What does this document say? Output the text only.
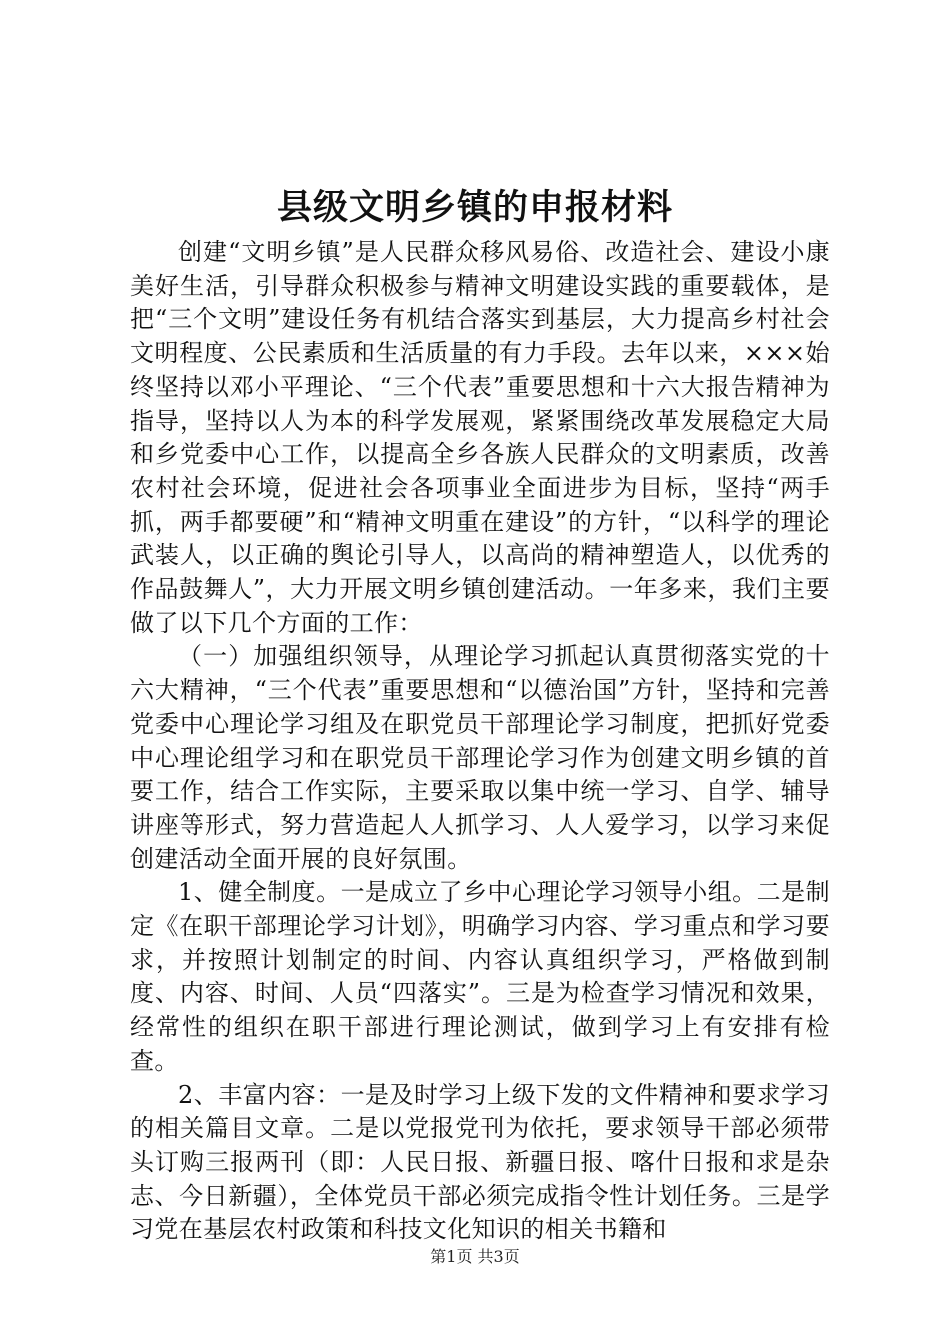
县级文明乡镇的申报材料

创建“文明乡镇”是人民群众移风易俗、改造社会、建设小康美好生活，引导群众积极参与精神文明建设实践的重要载体，是把“三个文明”建设任务有机结合落实到基层，大力提高乡村社会文明程度、公民素质和生活质量的有力手段。去年以来，×××始终坚持以邓小平理论、“三个代表”重要思想和十六大报告精神为指导，坚持以人为本的科学发展观，紧紧围绕改革发展稳定大局和乡党委中心工作，以提高全乡各族人民群众的文明素质，改善农村社会环境，促进社会各项事业全面进步为目标，坚持“两手抓，两手都要硬”和“精神文明重在建设”的方针，“以科学的理论武装人，以正确的舆论引导人，以高尚的精神塑造人，以优秀的作品鼓舞人”，大力开展文明乡镇创建活动。一年多来，我们主要做了以下几个方面的工作：

（一）加强组织领导，从理论学习抓起认真贯彻落实党的十六大精神，“三个代表”重要思想和“以德治国”方针，坚持和完善党委中心理论学习组及在职党员干部理论学习制度，把抓好党委中心理论组学习和在职党员干部理论学习作为创建文明乡镇的首要工作，结合工作实际，主要采取以集中统一学习、自学、辅导讲座等形式，努力营造起人人抓学习、人人爱学习，以学习来促创建活动全面开展的良好氛围。

1、健全制度。一是成立了乡中心理论学习领导小组。二是制定《在职干部理论学习计划》，明确学习内容、学习重点和学习要求，并按照计划制定的时间、内容认真组织学习，严格做到制度、内容、时间、人员“四落实”。三是为检查学习情况和效果，经常性的组织在职干部进行理论测试，做到学习上有安排有检查。

2、丰富内容：一是及时学习上级下发的文件精神和要求学习的相关篇目文章。二是以党报党刊为依托，要求领导干部必须带头订购三报两刊（即：人民日报、新疆日报、喀什日报和求是杂志、今日新疆），全体党员干部必须完成指令性计划任务。三是学习党在基层农村政策和科技文化知识的相关书籍和

第1页 共3页
